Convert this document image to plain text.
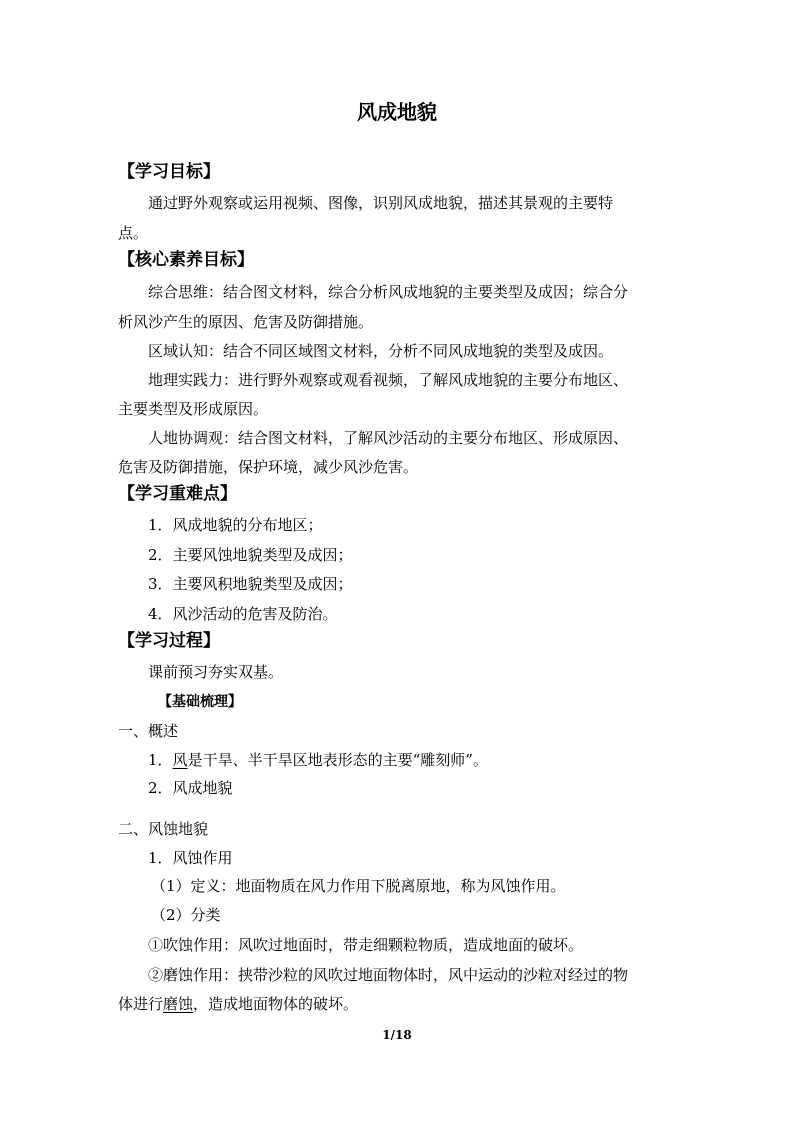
风成地貌
【学习目标】
通过野外观察或运用视频、图像，识别风成地貌，描述其景观的主要特
点。
【核心素养目标】
综合思维：结合图文材料，综合分析风成地貌的主要类型及成因；综合分
析风沙产生的原因、危害及防御措施。
区域认知：结合不同区域图文材料，分析不同风成地貌的类型及成因。
地理实践力：进行野外观察或观看视频，了解风成地貌的主要分布地区、
主要类型及形成原因。
人地协调观：结合图文材料，了解风沙活动的主要分布地区、形成原因、
危害及防御措施，保护环境，减少风沙危害。
【学习重难点】
1．风成地貌的分布地区；
2．主要风蚀地貌类型及成因；
3．主要风积地貌类型及成因；
4．风沙活动的危害及防治。
【学习过程】
课前预习夯实双基。
【基础梳理】
一、概述
1．风是干旱、半干旱区地表形态的主要“雕刻师”。
2．风成地貌
二、风蚀地貌
1．风蚀作用
（1）定义：地面物质在风力作用下脱离原地，称为风蚀作用。
（2）分类
①吹蚀作用：风吹过地面时，带走细颗粒物质，造成地面的破坏。
②磨蚀作用：挟带沙粒的风吹过地面物体时，风中运动的沙粒对经过的物
体进行磨蚀，造成地面物体的破坏。
1/18
